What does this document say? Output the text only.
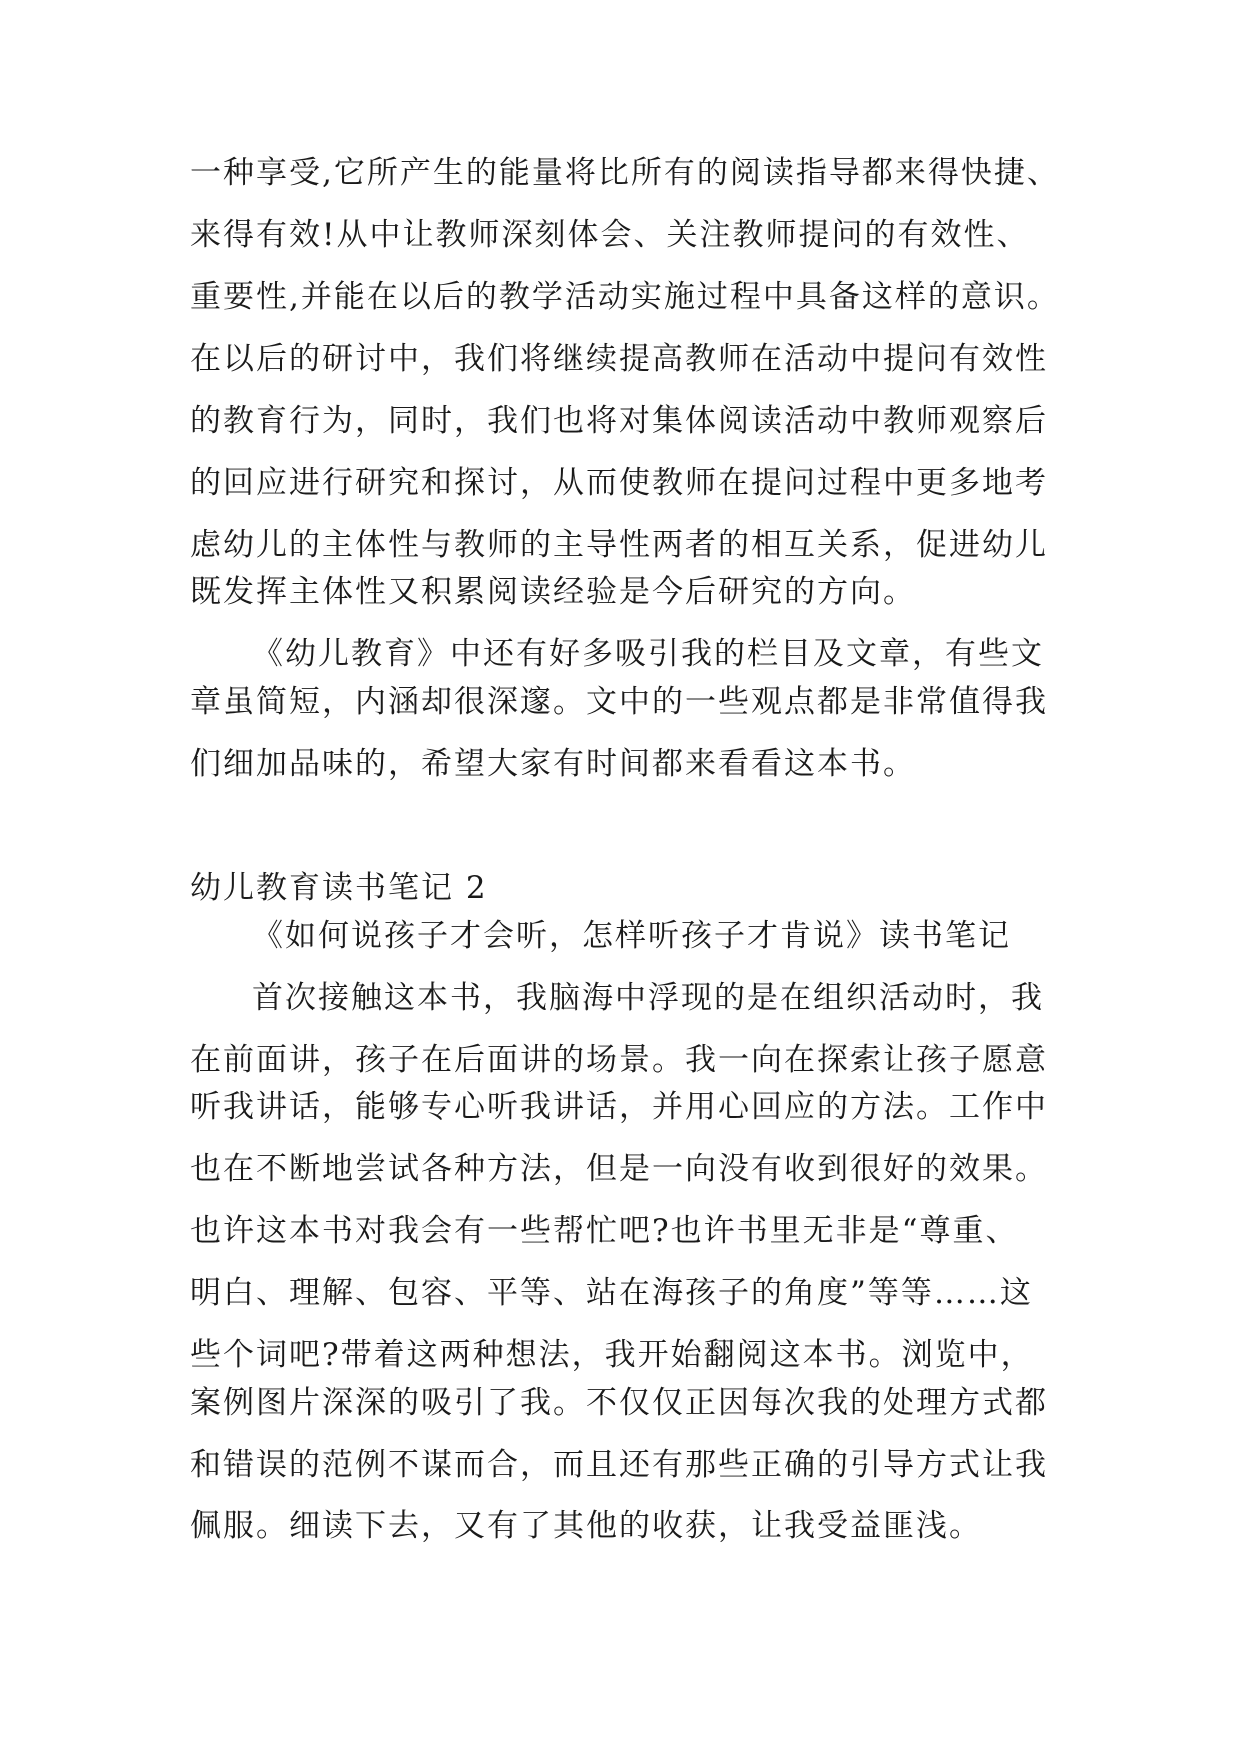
一种享受,它所产生的能量将比所有的阅读指导都来得快捷、
来得有效!从中让教师深刻体会、关注教师提问的有效性、
重要性,并能在以后的教学活动实施过程中具备这样的意识。
在以后的研讨中，我们将继续提高教师在活动中提问有效性
的教育行为，同时，我们也将对集体阅读活动中教师观察后
的回应进行研究和探讨，从而使教师在提问过程中更多地考
虑幼儿的主体性与教师的主导性两者的相互关系，促进幼儿
既发挥主体性又积累阅读经验是今后研究的方向。
《幼儿教育》中还有好多吸引我的栏目及文章，有些文
章虽简短，内涵却很深邃。文中的一些观点都是非常值得我
们细加品味的，希望大家有时间都来看看这本书。
幼儿教育读书笔记 2
《如何说孩子才会听，怎样听孩子才肯说》读书笔记
首次接触这本书，我脑海中浮现的是在组织活动时，我
在前面讲，孩子在后面讲的场景。我一向在探索让孩子愿意
听我讲话，能够专心听我讲话，并用心回应的方法。工作中
也在不断地尝试各种方法，但是一向没有收到很好的效果。
也许这本书对我会有一些帮忙吧?也许书里无非是“尊重、
明白、理解、包容、平等、站在海孩子的角度”等等……这
些个词吧?带着这两种想法，我开始翻阅这本书。浏览中，
案例图片深深的吸引了我。不仅仅正因每次我的处理方式都
和错误的范例不谋而合，而且还有那些正确的引导方式让我
佩服。细读下去，又有了其他的收获，让我受益匪浅。
